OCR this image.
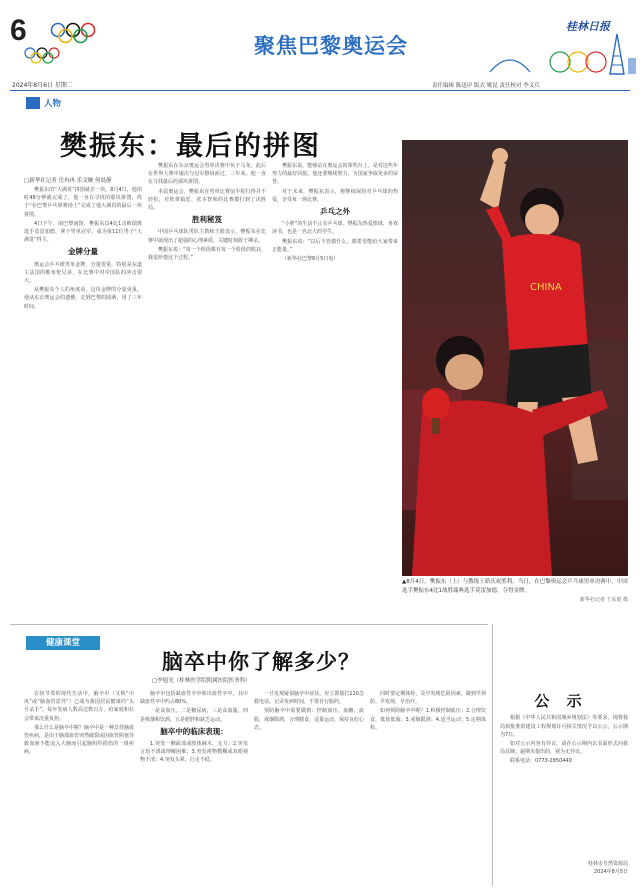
6	聚焦巴黎奥运会
桂林日报
2024年8月6日 星期二	责任编辑 陈迅岸 版式 姚昆 责任校对 李义兵
人物
樊振东：最后的拼图
□新华社记者 岳冉冉 乐文婉 何晨静
樊振东的“大满贯”拼图就差一块。8月4日，他用时48分钟就完成了，他一直在寻找的那块拼图，终于“在巴黎乒乓球赛场上”完成了他大满贯的最后一块拼图。
4日下午，南巴黎南馆，樊振东以4比1击败瑞典选手莫雷加德，拿下男单冠军，成为第11位男子“大满贯”得主。
金牌分量
奥运会乒乓球男单金牌，分量很重。特别是东道主法国的勒布伦兄弟，在比赛中对中国队的冲击很大。
从樊振东个人的角度看，这块金牌的分量更重。他从东京奥运会的遗憾，走到巴黎的圆满，用了三年时间。
樊振东在东京奥运会男单决赛中负于马龙，此后在世界大赛中屡次与冠军擦肩而过。三年来，他一直在寻找最后的那块拼图。
本届奥运会，樊振东在男单比赛前半程打得并不轻松，对阵黄镇廷、张本智和的比赛都打到了决胜局。
胜利秘笈
中国乒乓球队男队主教练王皓表示，樊振东在比赛中展现出了超强的心理素质，关键时刻敢于搏杀。
樊振东说：“每一个阶段都有每一个阶段的收获，我很珍惜这个过程。”
樊振东说，能够站在奥运会的领奖台上，是对这些年努力的最好回报。他还要继续努力，为国家争取更多的荣誉。
对于未来，樊振东表示，将继续保持对乒乓球的热爱，享受每一场比赛。
乒乓之外
“小胖”的生活不止有乒乓球。樊振东热爱篮球，喜欢读书，也是一名北大的学生。
樊振东说：“以后不管做什么，都希望能给大家带来正能量。”
（新华社巴黎8月5日电）
CHINA
▲8月4日，樊振东（上）与教练王皓庆祝胜利。当日，在巴黎奥运会乒乓球男单决赛中，中国选手樊振东4比1战胜瑞典选手莫雷加德，夺得金牌。
新华社记者 王东震 摄
健康课堂
脑卒中你了解多少？
□李旭光（桂林医学院附属医院医务科）
在快节奏的现代生活中，脑卒中（又称“中风”或“脑血管意外”）已成为我国居民健康的“头号杀手”，每年发病人数高达数百万，给家庭和社会带来沉重负担。
那么什么是脑卒中呢？脑卒中是一种急性脑血管疾病，是由于脑部血管突然破裂或因血管阻塞导致血液不能流入大脑而引起脑组织损伤的一组疾病。
脑卒中包括缺血性卒中和出血性卒中，其中缺血性卒中约占80%。
一是高血压，二是糖尿病，三是高血脂，四是吸烟和饮酒，五是肥胖和缺乏运动。
脑卒中的临床表现：
1.突发一侧面部或肢体麻木、无力；2.突发言语不清或理解困难；3.突发视物模糊或双眼视物不清；4.突发头晕、行走不稳。
一旦发现疑似脑卒中症状，应立即拨打120急救电话，记录发病时间，不要自行服药。
预防脑卒中需要做到：控制血压、血糖、血脂，戒烟限酒，合理膳食，适量运动，保持良好心态。
同时要定期体检，及早发现危险因素，做到早预防、早发现、早治疗。
如何预防脑卒中呢？1.积极控制血压；2.合理饮食，低盐低脂；3.戒烟限酒；4.适当运动；5.定期体检。
公 示
根据《中华人民共和国城乡规划法》等要求，现将我局拟批准的建设工程规划许可相关情况予以公示，公示期为7日。
如对公示内容有异议，请在公示期内以书面形式向我局反映。逾期未提出的，视为无异议。
联系电话：0773-2850440
桂林市自然资源局
2024年8月5日
